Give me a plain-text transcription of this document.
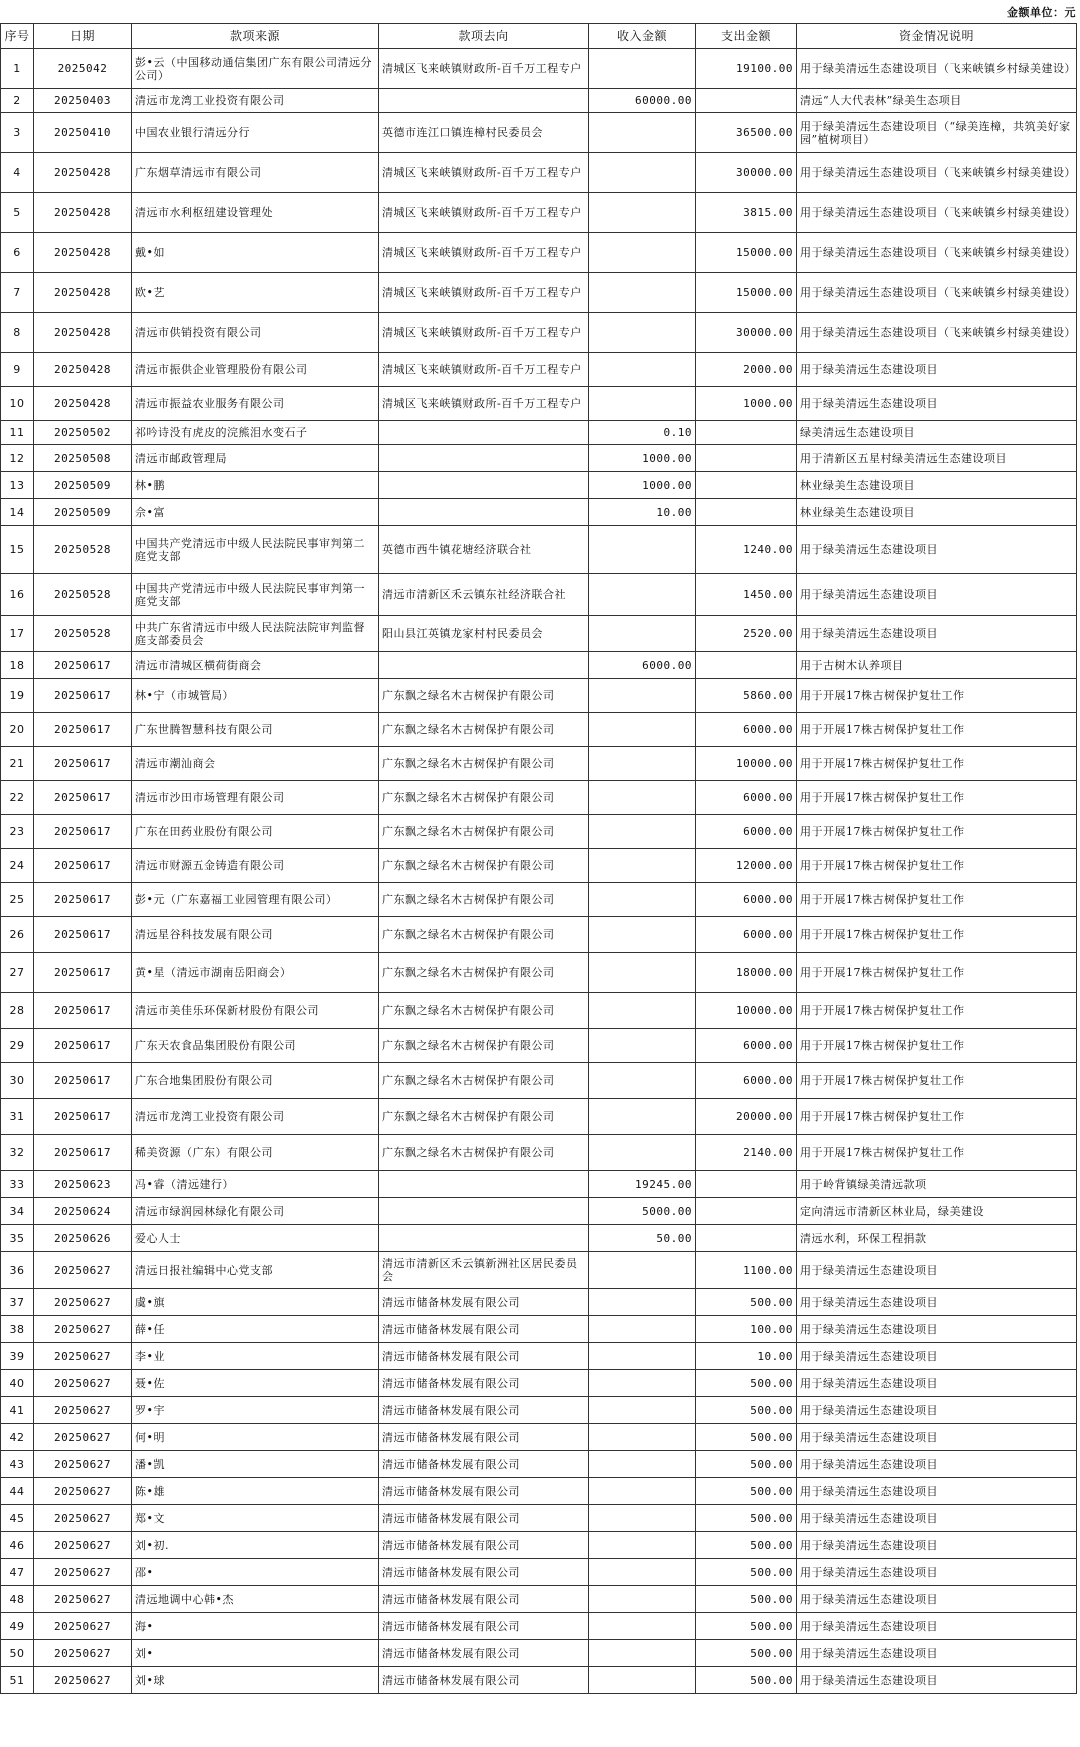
金额单位：元
序号	日期	款项来源	款项去向	收入金额	支出金额	资金情况说明
1	2025042	彭•云（中国移动通信集团广东有限公司清远分公司）	清城区飞来峡镇财政所-百千万工程专户		19100.00	用于绿美清远生态建设项目（飞来峡镇乡村绿美建设）
2	20250403	清远市龙湾工业投资有限公司		60000.00		清远“人大代表林”绿美生态项目
3	20250410	中国农业银行清远分行	英德市连江口镇连樟村民委员会		36500.00	用于绿美清远生态建设项目（“绿美连樟，共筑美好家园”植树项目）
4	20250428	广东烟草清远市有限公司	清城区飞来峡镇财政所-百千万工程专户		30000.00	用于绿美清远生态建设项目（飞来峡镇乡村绿美建设）
5	20250428	清远市水利枢纽建设管理处	清城区飞来峡镇财政所-百千万工程专户		3815.00	用于绿美清远生态建设项目（飞来峡镇乡村绿美建设）
6	20250428	戴•如	清城区飞来峡镇财政所-百千万工程专户		15000.00	用于绿美清远生态建设项目（飞来峡镇乡村绿美建设）
7	20250428	欧•艺	清城区飞来峡镇财政所-百千万工程专户		15000.00	用于绿美清远生态建设项目（飞来峡镇乡村绿美建设）
8	20250428	清远市供销投资有限公司	清城区飞来峡镇财政所-百千万工程专户		30000.00	用于绿美清远生态建设项目（飞来峡镇乡村绿美建设）
9	20250428	清远市振供企业管理股份有限公司	清城区飞来峡镇财政所-百千万工程专户		2000.00	用于绿美清远生态建设项目
10	20250428	清远市振益农业服务有限公司	清城区飞来峡镇财政所-百千万工程专户		1000.00	用于绿美清远生态建设项目
11	20250502	祁吟诗没有虎皮的浣熊泪水变石子		0.10		绿美清远生态建设项目
12	20250508	清远市邮政管理局		1000.00		用于清新区五星村绿美清远生态建设项目
13	20250509	林•鹏		1000.00		林业绿美生态建设项目
14	20250509	佘•富		10.00		林业绿美生态建设项目
15	20250528	中国共产党清远市中级人民法院民事审判第二庭党支部	英德市西牛镇花塘经济联合社		1240.00	用于绿美清远生态建设项目
16	20250528	中国共产党清远市中级人民法院民事审判第一庭党支部	清远市清新区禾云镇东社经济联合社		1450.00	用于绿美清远生态建设项目
17	20250528	中共广东省清远市中级人民法院法院审判监督庭支部委员会	阳山县江英镇龙家村村民委员会		2520.00	用于绿美清远生态建设项目
18	20250617	清远市清城区横荷街商会		6000.00		用于古树木认养项目
19	20250617	林•宁（市城管局）	广东飘之绿名木古树保护有限公司		5860.00	用于开展17株古树保护复壮工作
20	20250617	广东世腾智慧科技有限公司	广东飘之绿名木古树保护有限公司		6000.00	用于开展17株古树保护复壮工作
21	20250617	清远市潮汕商会	广东飘之绿名木古树保护有限公司		10000.00	用于开展17株古树保护复壮工作
22	20250617	清远市沙田市场管理有限公司	广东飘之绿名木古树保护有限公司		6000.00	用于开展17株古树保护复壮工作
23	20250617	广东在田药业股份有限公司	广东飘之绿名木古树保护有限公司		6000.00	用于开展17株古树保护复壮工作
24	20250617	清远市财源五金铸造有限公司	广东飘之绿名木古树保护有限公司		12000.00	用于开展17株古树保护复壮工作
25	20250617	彭•元（广东嘉福工业园管理有限公司）	广东飘之绿名木古树保护有限公司		6000.00	用于开展17株古树保护复壮工作
26	20250617	清远星谷科技发展有限公司	广东飘之绿名木古树保护有限公司		6000.00	用于开展17株古树保护复壮工作
27	20250617	黄•星（清远市湖南岳阳商会）	广东飘之绿名木古树保护有限公司		18000.00	用于开展17株古树保护复壮工作
28	20250617	清远市美佳乐环保新材股份有限公司	广东飘之绿名木古树保护有限公司		10000.00	用于开展17株古树保护复壮工作
29	20250617	广东天农食品集团股份有限公司	广东飘之绿名木古树保护有限公司		6000.00	用于开展17株古树保护复壮工作
30	20250617	广东合地集团股份有限公司	广东飘之绿名木古树保护有限公司		6000.00	用于开展17株古树保护复壮工作
31	20250617	清远市龙湾工业投资有限公司	广东飘之绿名木古树保护有限公司		20000.00	用于开展17株古树保护复壮工作
32	20250617	稀美资源（广东）有限公司	广东飘之绿名木古树保护有限公司		2140.00	用于开展17株古树保护复壮工作
33	20250623	冯•睿（清远建行）		19245.00		用于岭背镇绿美清远款项
34	20250624	清远市绿润园林绿化有限公司		5000.00		定向清远市清新区林业局，绿美建设
35	20250626	爱心人士		50.00		清远水利，环保工程捐款
36	20250627	清远日报社编辑中心党支部	清远市清新区禾云镇新洲社区居民委员会		1100.00	用于绿美清远生态建设项目
37	20250627	虞•旗	清远市储备林发展有限公司		500.00	用于绿美清远生态建设项目
38	20250627	薛•任	清远市储备林发展有限公司		100.00	用于绿美清远生态建设项目
39	20250627	李•业	清远市储备林发展有限公司		10.00	用于绿美清远生态建设项目
40	20250627	聂•佐	清远市储备林发展有限公司		500.00	用于绿美清远生态建设项目
41	20250627	罗•宇	清远市储备林发展有限公司		500.00	用于绿美清远生态建设项目
42	20250627	何•明	清远市储备林发展有限公司		500.00	用于绿美清远生态建设项目
43	20250627	潘•凯	清远市储备林发展有限公司		500.00	用于绿美清远生态建设项目
44	20250627	陈•雄	清远市储备林发展有限公司		500.00	用于绿美清远生态建设项目
45	20250627	郑•文	清远市储备林发展有限公司		500.00	用于绿美清远生态建设项目
46	20250627	刘•初.	清远市储备林发展有限公司		500.00	用于绿美清远生态建设项目
47	20250627	邵•	清远市储备林发展有限公司		500.00	用于绿美清远生态建设项目
48	20250627	清远地调中心韩•杰	清远市储备林发展有限公司		500.00	用于绿美清远生态建设项目
49	20250627	海•	清远市储备林发展有限公司		500.00	用于绿美清远生态建设项目
50	20250627	刘•	清远市储备林发展有限公司		500.00	用于绿美清远生态建设项目
51	20250627	刘•球	清远市储备林发展有限公司		500.00	用于绿美清远生态建设项目
